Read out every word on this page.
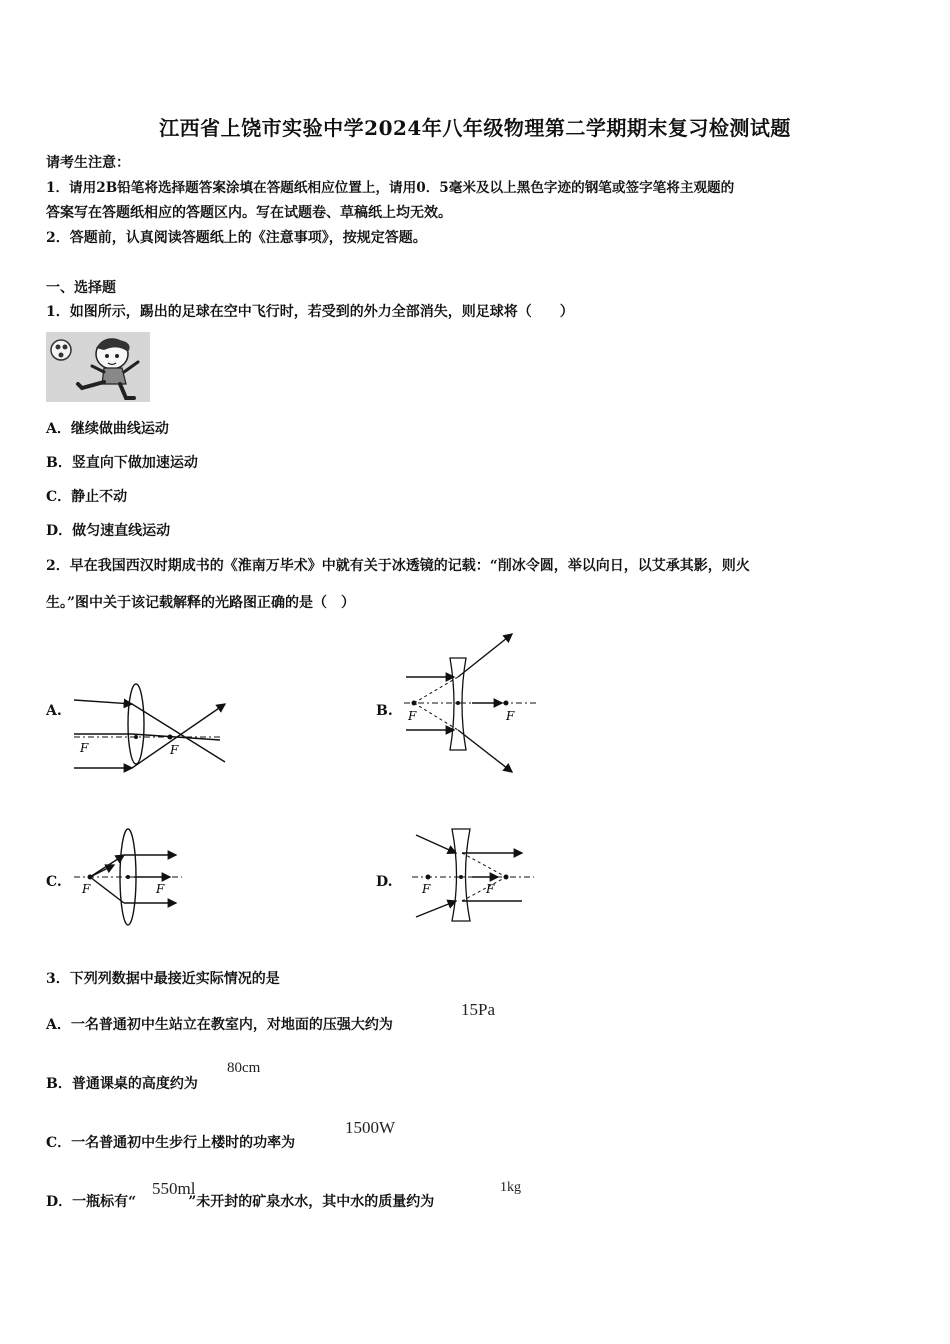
江西省上饶市实验中学2024年八年级物理第二学期期末复习检测试题
请考生注意：
1．请用2B铅笔将选择题答案涂填在答题纸相应位置上，请用0．5毫米及以上黑色字迹的钢笔或签字笔将主观题的
答案写在答题纸相应的答题区内。写在试题卷、草稿纸上均无效。
2．答题前，认真阅读答题纸上的《注意事项》，按规定答题。
一、选择题
1．如图所示，踢出的足球在空中飞行时，若受到的外力全部消失，则足球将（　　）
A．继续做曲线运动
B．竖直向下做加速运动
C．静止不动
D．做匀速直线运动
2．早在我国西汉时期成书的《淮南万毕术》中就有关于冰透镜的记载：“削冰令圆，举以向日，以艾承其影，则火
生。”图中关于该记载解释的光路图正确的是（　）
A.	B.
C.	D.
F	F
F	F
F	F	F	F
3．下列列数据中最接近实际情况的是
A．一名普通初中生站立在教室内，对地面的压强大约为
15Pa
B．普通课桌的高度约为
80cm
C．一名普通初中生步行上楼时的功率为
1500W
D．一瓶标有“	”未开封的矿泉水水，其中水的质量约为
550ml	1kg
